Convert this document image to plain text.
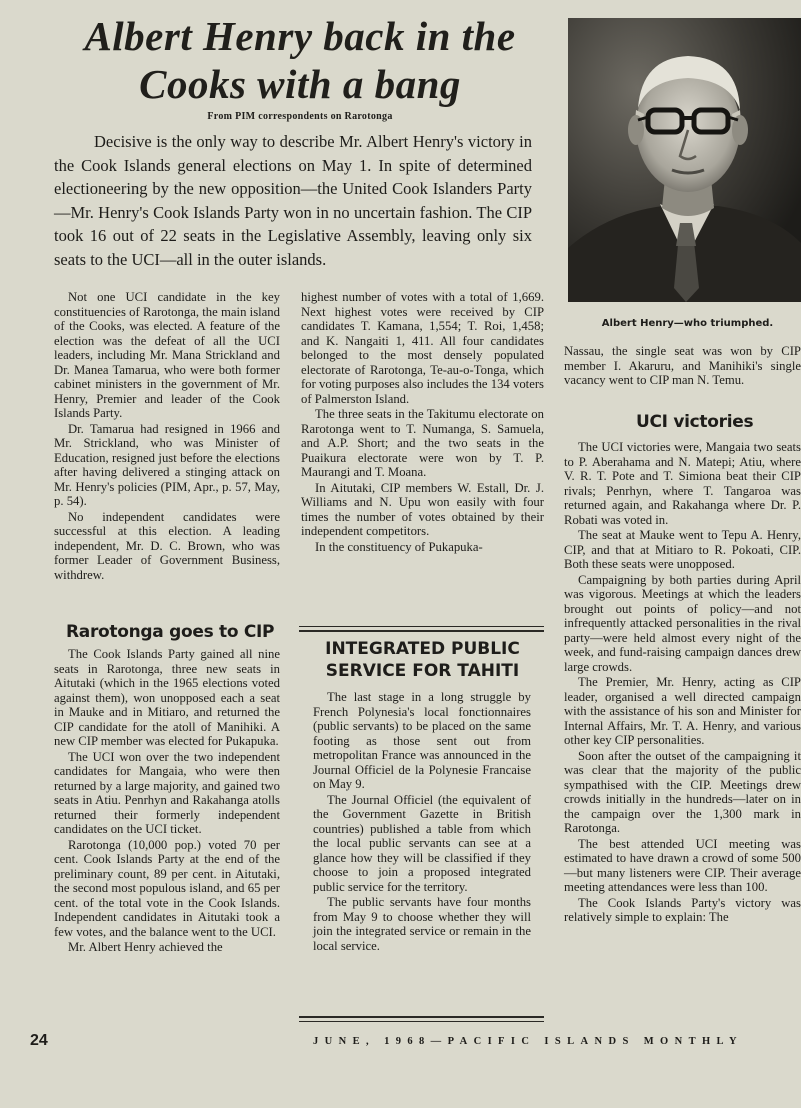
Albert Henry back in the
Cooks with a bang
From PIM correspondents on Rarotonga

Decisive is the only way to describe Mr. Albert Henry's victory in the Cook Islands general elections on May 1. In spite of determined electioneering by the new opposition—the United Cook Islanders Party—Mr. Henry's Cook Islands Party won in no uncertain fashion. The CIP took 16 out of 22 seats in the Legislative Assembly, leaving only six seats to the UCI—all in the outer islands.

Albert Henry—who triumphed.

Not one UCI candidate in the key constituencies of Rarotonga, the main island of the Cooks, was elected. A feature of the election was the defeat of all the UCI leaders, including Mr. Mana Strickland and Dr. Manea Tamarua, who were both former cabinet ministers in the government of Mr. Henry, Premier and leader of the Cook Islands Party.

Dr. Tamarua had resigned in 1966 and Mr. Strickland, who was Minister of Education, resigned just before the elections after having delivered a stinging attack on Mr. Henry's policies (PIM, Apr., p. 57, May, p. 54).

No independent candidates were successful at this election. A leading independent, Mr. D. C. Brown, who was former Leader of Government Business, withdrew.

Rarotonga goes to CIP

The Cook Islands Party gained all nine seats in Rarotonga, three new seats in Aitutaki (which in the 1965 elections voted against them), won unopposed each a seat in Mauke and in Mitiaro, and returned the CIP candidate for the atoll of Manihiki. A new CIP member was elected for Pukapuka.

The UCI won over the two independent candidates for Mangaia, who were then returned by a large majority, and gained two seats in Atiu. Penrhyn and Rakahanga atolls returned their formerly independent candidates on the UCI ticket.

Rarotonga (10,000 pop.) voted 70 per cent. Cook Islands Party at the end of the preliminary count, 89 per cent. in Aitutaki, the second most populous island, and 65 per cent. of the total vote in the Cook Islands. Independent candidates in Aitutaki took a few votes, and the balance went to the UCI.

Mr. Albert Henry achieved the

highest number of votes with a total of 1,669. Next highest votes were received by CIP candidates T. Kamana, 1,554; T. Roi, 1,458; and K. Nangaiti 1, 411. All four candidates belonged to the most densely populated electorate of Rarotonga, Te-au-o-Tonga, which for voting purposes also includes the 134 voters of Palmerston Island.

The three seats in the Takitumu electorate on Rarotonga went to T. Numanga, S. Samuela, and A.P. Short; and the two seats in the Puaikura electorate were won by T. P. Maurangi and T. Moana.

In Aitutaki, CIP members W. Estall, Dr. J. Williams and N. Upu won easily with four times the number of votes obtained by their independent competitors.

In the constituency of Pukapuka-

INTEGRATED PUBLIC
SERVICE FOR TAHITI

The last stage in a long struggle by French Polynesia's local fonctionnaires (public servants) to be placed on the same footing as those sent out from metropolitan France was announced in the Journal Officiel de la Polynesie Francaise on May 9.

The Journal Officiel (the equivalent of the Government Gazette in British countries) published a table from which the local public servants can see at a glance how they will be classified if they choose to join a proposed integrated public service for the territory.

The public servants have four months from May 9 to choose whether they will join the integrated service or remain in the local service.

Nassau, the single seat was won by CIP member I. Akaruru, and Manihiki's single vacancy went to CIP man N. Temu.

UCI victories

The UCI victories were, Mangaia two seats to P. Aberahama and N. Matepi; Atiu, where V. R. T. Pote and T. Simiona beat their CIP rivals; Penrhyn, where T. Tangaroa was returned again, and Rakahanga where Dr. P. Robati was voted in.

The seat at Mauke went to Tepu A. Henry, CIP, and that at Mitiaro to R. Pokoati, CIP. Both these seats were unopposed.

Campaigning by both parties during April was vigorous. Meetings at which the leaders brought out points of policy—and not infrequently attacked personalities in the rival party—were held almost every night of the week, and fund-raising campaign dances drew large crowds.

The Premier, Mr. Henry, acting as CIP leader, organised a well directed campaign with the assistance of his son and Minister for Internal Affairs, Mr. T. A. Henry, and various other key CIP personalities.

Soon after the outset of the campaigning it was clear that the majority of the public sympathised with the CIP. Meetings drew crowds initially in the hundreds—later on in the campaign over the 1,300 mark in Rarotonga.

The best attended UCI meeting was estimated to have drawn a crowd of some 500—but many listeners were CIP. Their average meeting attendances were less than 100.

The Cook Islands Party's victory was relatively simple to explain: The

24	JUNE, 1968—PACIFIC ISLANDS MONTHLY
